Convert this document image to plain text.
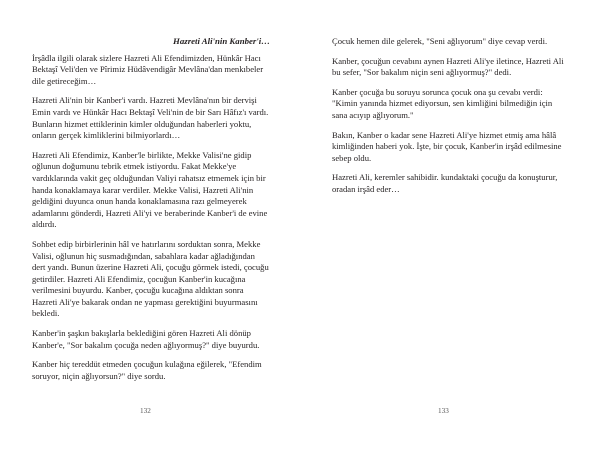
Hazreti Ali'nin Kanber'i…

İrşâdla ilgili olarak sizlere Hazreti Ali Efendimizden, Hünkâr Hacı Bektaşî Veli'den ve Pîrimiz Hüdâvendigâr Mevlâna'dan menkıbeler dile getireceğim…

Hazreti Ali'nin bir Kanber'i vardı. Hazreti Mevlâna'nın bir dervişi Emin vardı ve Hünkâr Hacı Bektaşî Veli'nin de bir Sarı Hâfız'ı vardı. Bunların hizmet ettiklerinin kimler olduğundan haberleri yoktu, onların gerçek kimliklerini bilmiyorlardı…

Hazreti Ali Efendimiz, Kanber'le birlikte, Mekke Valisi'ne gidip oğlunun doğumunu tebrik etmek istiyordu. Fakat Mekke'ye vardıklarında vakit geç olduğundan Valiyi rahatsız etmemek için bir handa konaklamaya karar verdiler. Mekke Valisi, Hazreti Ali'nin geldiğini duyunca onun handa konaklamasına razı gelmeyerek adamlarını gönderdi, Hazreti Ali'yi ve beraberinde Kanber'i de evine aldırdı.

Sohbet edip birbirlerinin hâl ve hatırlarını sorduktan sonra, Mekke Valisi, oğlunun hiç susmadığından, sabahlara kadar ağladığından dert yandı. Bunun üzerine Hazreti Ali, çocuğu görmek istedi, çocuğu getirdiler. Hazreti Ali Efendimiz, çocuğun Kanber'in kucağına verilmesini buyurdu. Kanber, çocuğu kucağına aldıktan sonra Hazreti Ali'ye bakarak ondan ne yapması gerektiğini buyurmasını bekledi.

Kanber'in şaşkın bakışlarla beklediğini gören Hazreti Ali dönüp Kanber'e, "Sor bakalım çocuğa neden ağlıyormuş?" diye buyurdu.

Kanber hiç tereddüt etmeden çocuğun kulağına eğilerek, "Efendim soruyor, niçin ağlıyorsun?" diye sordu.

132

Çocuk hemen dile gelerek, "Seni ağlıyorum" diye cevap verdi.

Kanber, çocuğun cevabını aynen Hazreti Ali'ye iletince, Hazreti Ali bu sefer, "Sor bakalım niçin seni ağlıyormuş?" dedi.

Kanber çocuğa bu soruyu sorunca çocuk ona şu cevabı verdi: "Kimin yanında hizmet ediyorsun, sen kimliğini bilmediğin için sana acıyıp ağlıyorum."

Bakın, Kanber o kadar sene Hazreti Ali'ye hizmet etmiş ama hâlâ kimliğinden haberi yok. İşte, bir çocuk, Kanber'in irşâd edilmesine sebep oldu.

Hazreti Ali, keremler sahibidir. kundaktaki çocuğu da konuşturur, oradan irşâd eder…

133
